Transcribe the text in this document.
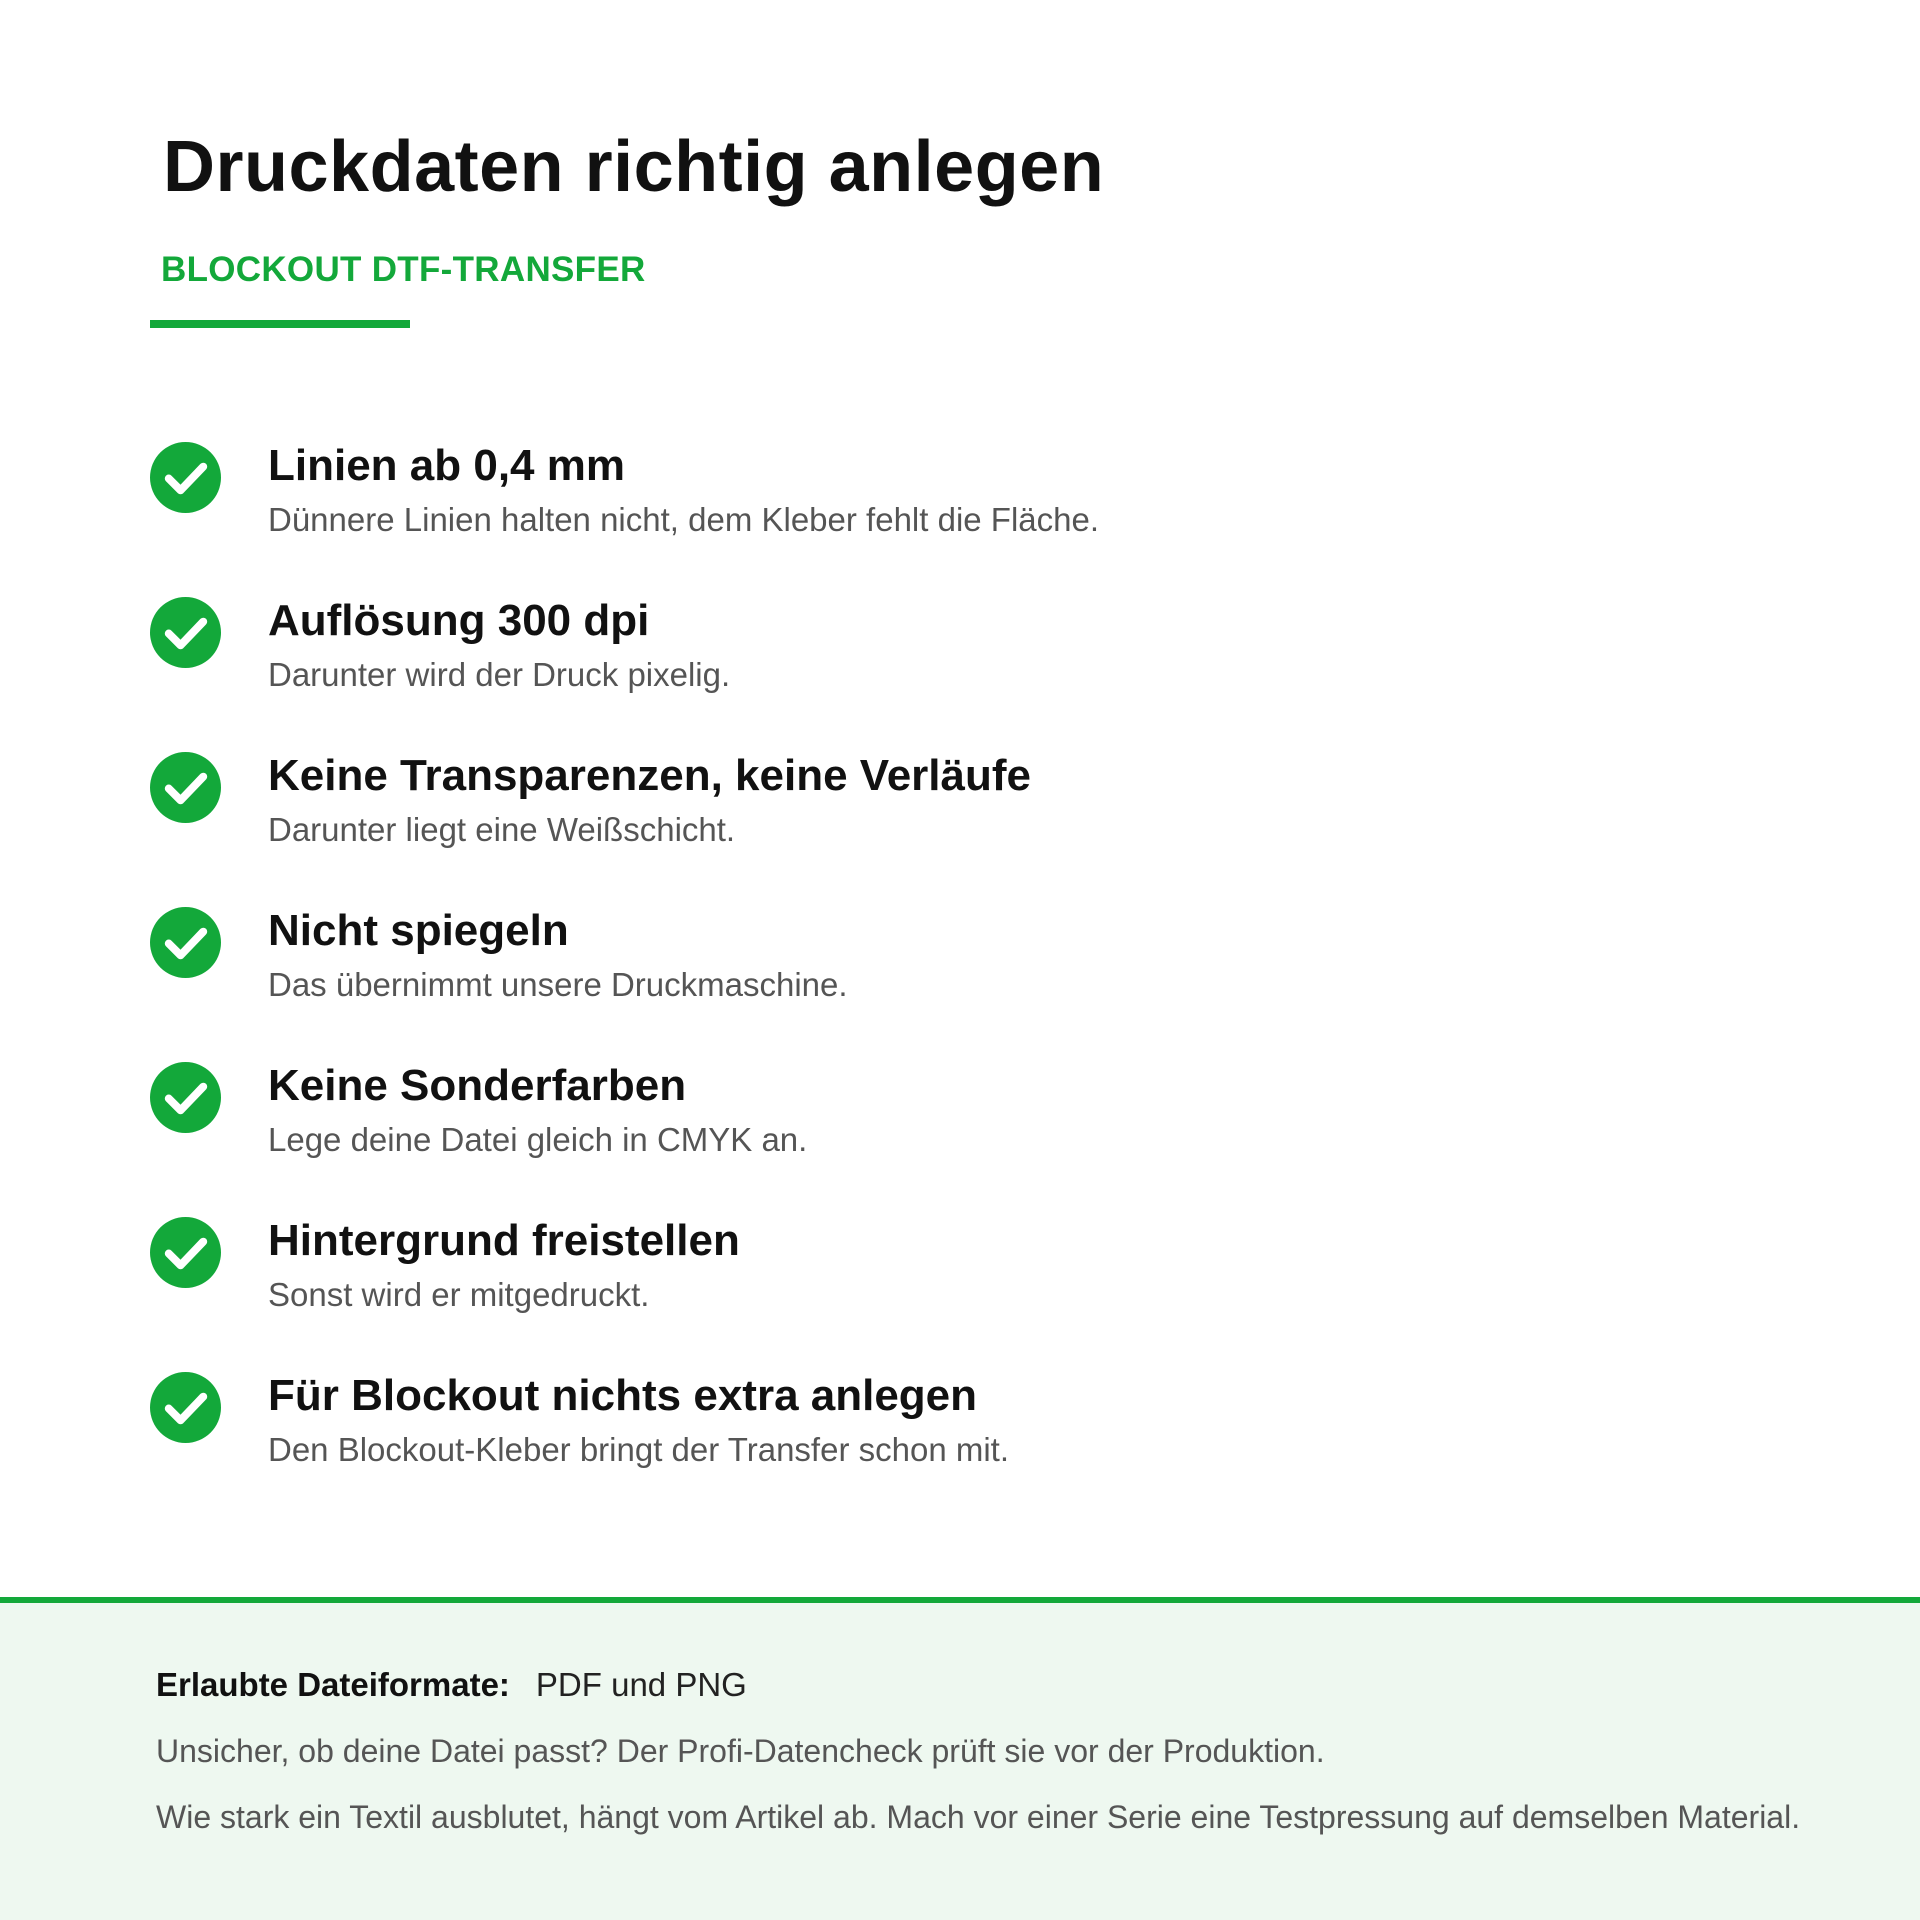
Druckdaten richtig anlegen
BLOCKOUT DTF-TRANSFER
Linien ab 0,4 mm
Dünnere Linien halten nicht, dem Kleber fehlt die Fläche.
Auflösung 300 dpi
Darunter wird der Druck pixelig.
Keine Transparenzen, keine Verläufe
Darunter liegt eine Weißschicht.
Nicht spiegeln
Das übernimmt unsere Druckmaschine.
Keine Sonderfarben
Lege deine Datei gleich in CMYK an.
Hintergrund freistellen
Sonst wird er mitgedruckt.
Für Blockout nichts extra anlegen
Den Blockout-Kleber bringt der Transfer schon mit.
Erlaubte Dateiformate: PDF und PNG
Unsicher, ob deine Datei passt? Der Profi-Datencheck prüft sie vor der Produktion.
Wie stark ein Textil ausblutet, hängt vom Artikel ab. Mach vor einer Serie eine Testpressung auf demselben Material.
